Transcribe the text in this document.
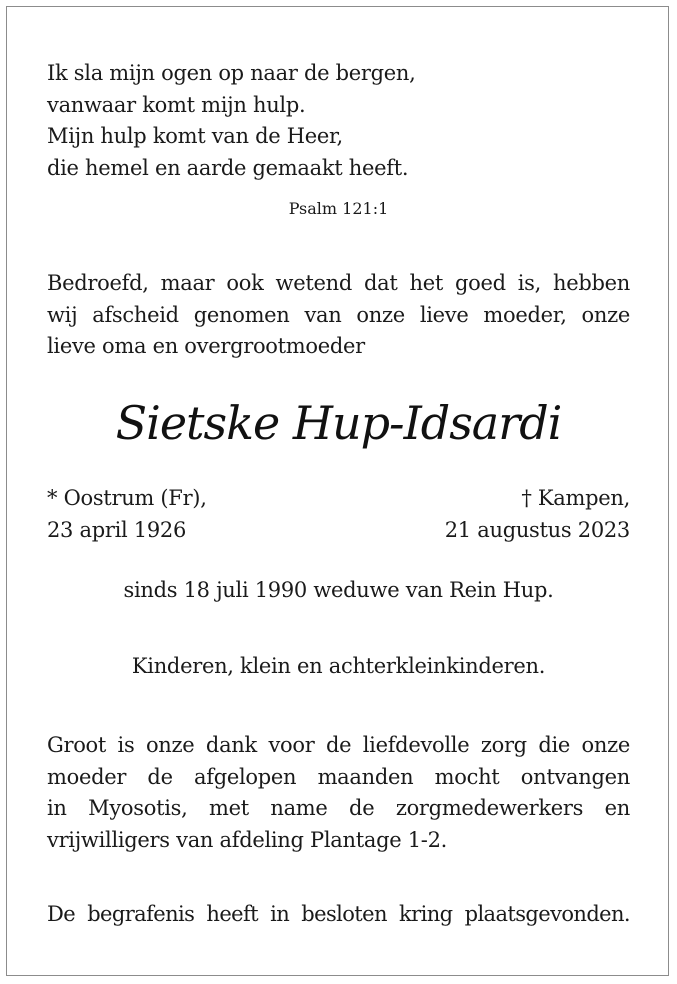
Ik sla mijn ogen op naar de bergen,
vanwaar komt mijn hulp.
Mijn hulp komt van de Heer,
die hemel en aarde gemaakt heeft.
Psalm 121:1
Bedroefd, maar ook wetend dat het goed is, hebben
wij afscheid genomen van onze lieve moeder, onze
lieve oma en overgrootmoeder
Sietske Hup-Idsardi
* Oostrum (Fr),
23 april 1926
† Kampen,
21 augustus 2023
sinds 18 juli 1990 weduwe van Rein Hup.
Kinderen, klein en achterkleinkinderen.
Groot is onze dank voor de liefdevolle zorg die onze
moeder de afgelopen maanden mocht ontvangen
in Myosotis, met name de zorgmedewerkers en
vrijwilligers van afdeling Plantage 1-2.
De begrafenis heeft in besloten kring plaatsgevonden.
